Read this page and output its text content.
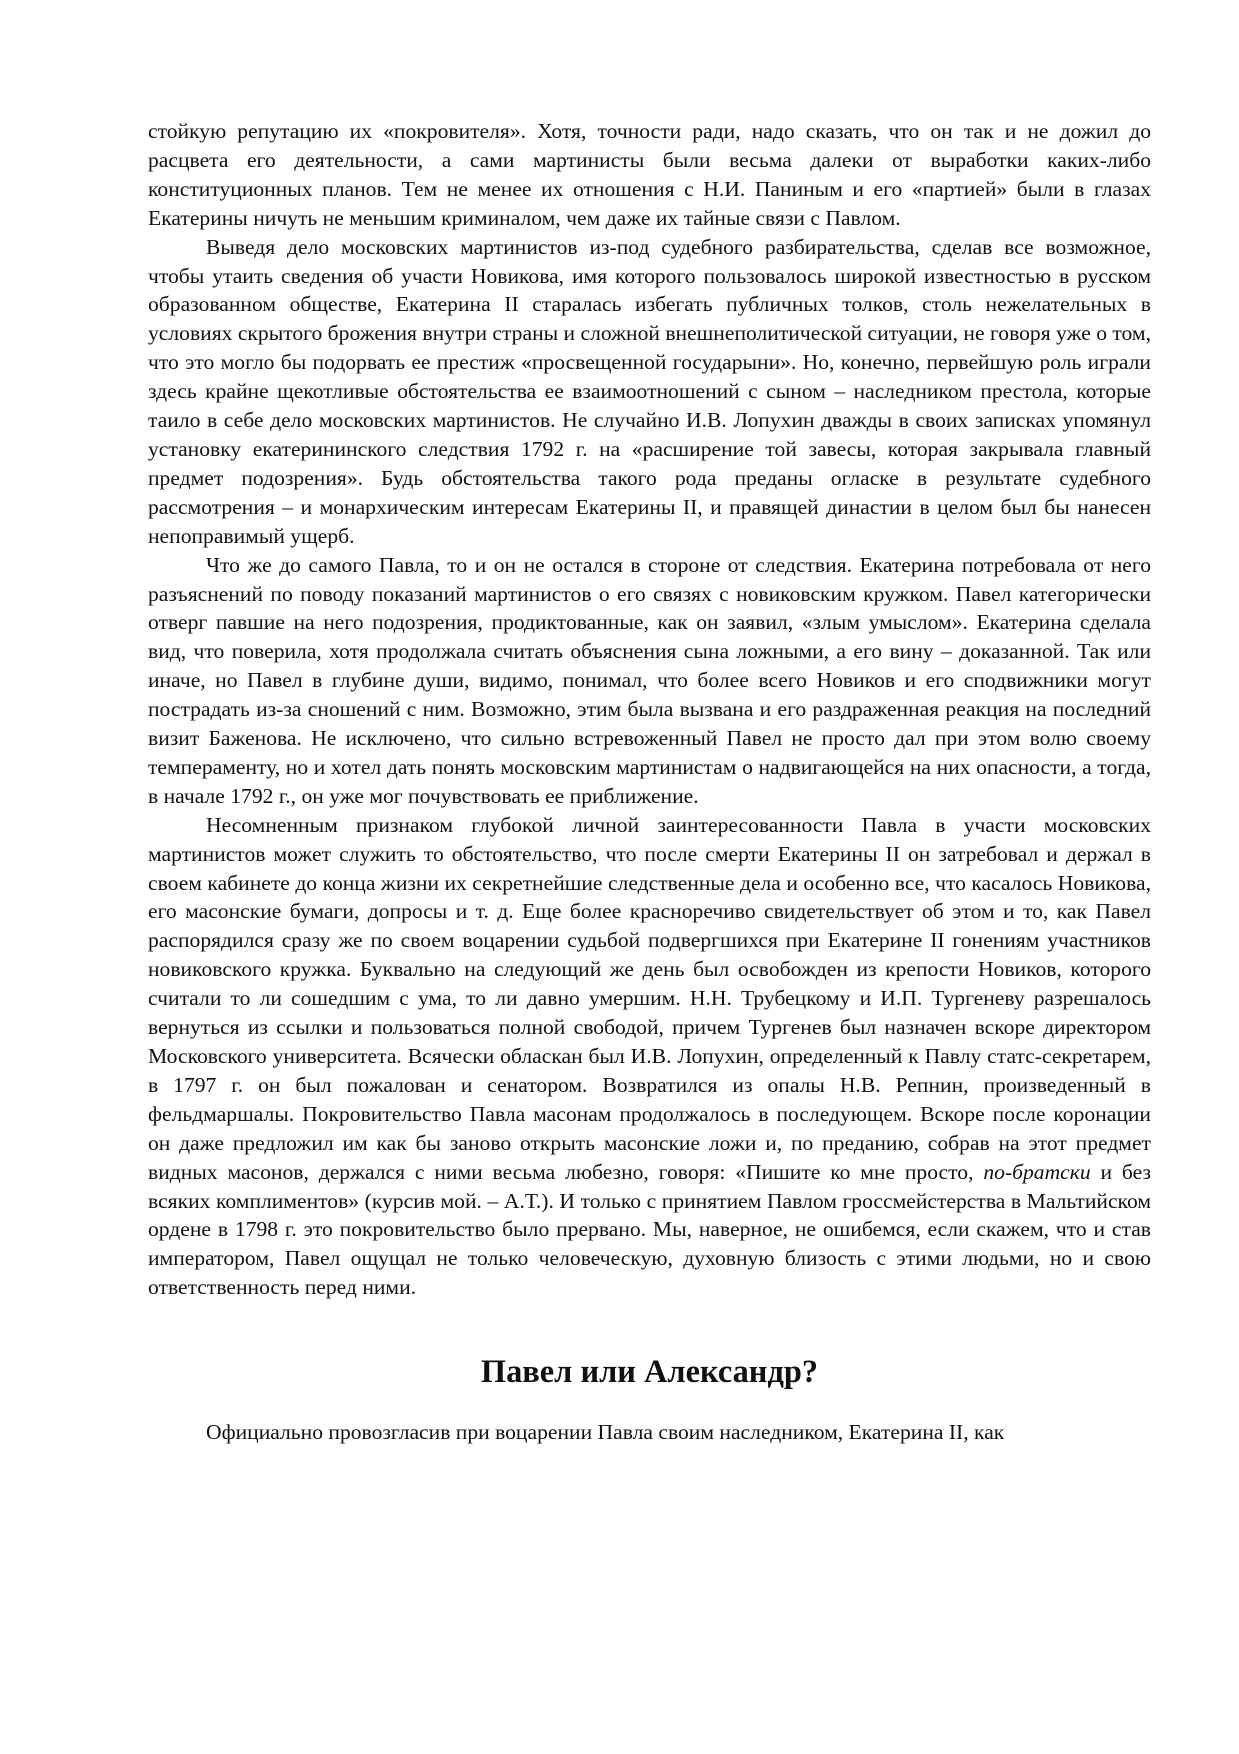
стойкую репутацию их «покровителя». Хотя, точности ради, надо сказать, что он так и не дожил до расцвета его деятельности, а сами мартинисты были весьма далеки от выработки каких-либо конституционных планов. Тем не менее их отношения с Н.И. Паниным и его «партией» были в глазах Екатерины ничуть не меньшим криминалом, чем даже их тайные связи с Павлом.

Выведя дело московских мартинистов из-под судебного разбирательства, сделав все возможное, чтобы утаить сведения об участи Новикова, имя которого пользовалось широкой известностью в русском образованном обществе, Екатерина II старалась избегать публичных толков, столь нежелательных в условиях скрытого брожения внутри страны и сложной внешнеполитической ситуации, не говоря уже о том, что это могло бы подорвать ее престиж «просвещенной государыни». Но, конечно, первейшую роль играли здесь крайне щекотливые обстоятельства ее взаимоотношений с сыном – наследником престола, которые таило в себе дело московских мартинистов. Не случайно И.В. Лопухин дважды в своих записках упомянул установку екатерининского следствия 1792 г. на «расширение той завесы, которая закрывала главный предмет подозрения». Будь обстоятельства такого рода преданы огласке в результате судебного рассмотрения – и монархическим интересам Екатерины II, и правящей династии в целом был бы нанесен непоправимый ущерб.

Что же до самого Павла, то и он не остался в стороне от следствия. Екатерина потребовала от него разъяснений по поводу показаний мартинистов о его связях с новиковским кружком. Павел категорически отверг павшие на него подозрения, продиктованные, как он заявил, «злым умыслом». Екатерина сделала вид, что поверила, хотя продолжала считать объяснения сына ложными, а его вину – доказанной. Так или иначе, но Павел в глубине души, видимо, понимал, что более всего Новиков и его сподвижники могут пострадать из-за сношений с ним. Возможно, этим была вызвана и его раздраженная реакция на последний визит Баженова. Не исключено, что сильно встревоженный Павел не просто дал при этом волю своему темпераменту, но и хотел дать понять московским мартинистам о надвигающейся на них опасности, а тогда, в начале 1792 г., он уже мог почувствовать ее приближение.

Несомненным признаком глубокой личной заинтересованности Павла в участи московских мартинистов может служить то обстоятельство, что после смерти Екатерины II он затребовал и держал в своем кабинете до конца жизни их секретнейшие следственные дела и особенно все, что касалось Новикова, его масонские бумаги, допросы и т. д. Еще более красноречиво свидетельствует об этом и то, как Павел распорядился сразу же по своем воцарении судьбой подвергшихся при Екатерине II гонениям участников новиковского кружка. Буквально на следующий же день был освобожден из крепости Новиков, которого считали то ли сошедшим с ума, то ли давно умершим. Н.Н. Трубецкому и И.П. Тургеневу разрешалось вернуться из ссылки и пользоваться полной свободой, причем Тургенев был назначен вскоре директором Московского университета. Всячески обласкан был И.В. Лопухин, определенный к Павлу статс-секретарем, в 1797 г. он был пожалован и сенатором. Возвратился из опалы Н.В. Репнин, произведенный в фельдмаршалы. Покровительство Павла масонам продолжалось в последующем. Вскоре после коронации он даже предложил им как бы заново открыть масонские ложи и, по преданию, собрав на этот предмет видных масонов, держался с ними весьма любезно, говоря: «Пишите ко мне просто, по-братски и без всяких комплиментов» (курсив мой. – А.Т.). И только с принятием Павлом гроссмейстерства в Мальтийском ордене в 1798 г. это покровительство было прервано. Мы, наверное, не ошибемся, если скажем, что и став императором, Павел ощущал не только человеческую, духовную близость с этими людьми, но и свою ответственность перед ними.

Павел или Александр?

Официально провозгласив при воцарении Павла своим наследником, Екатерина II, как
